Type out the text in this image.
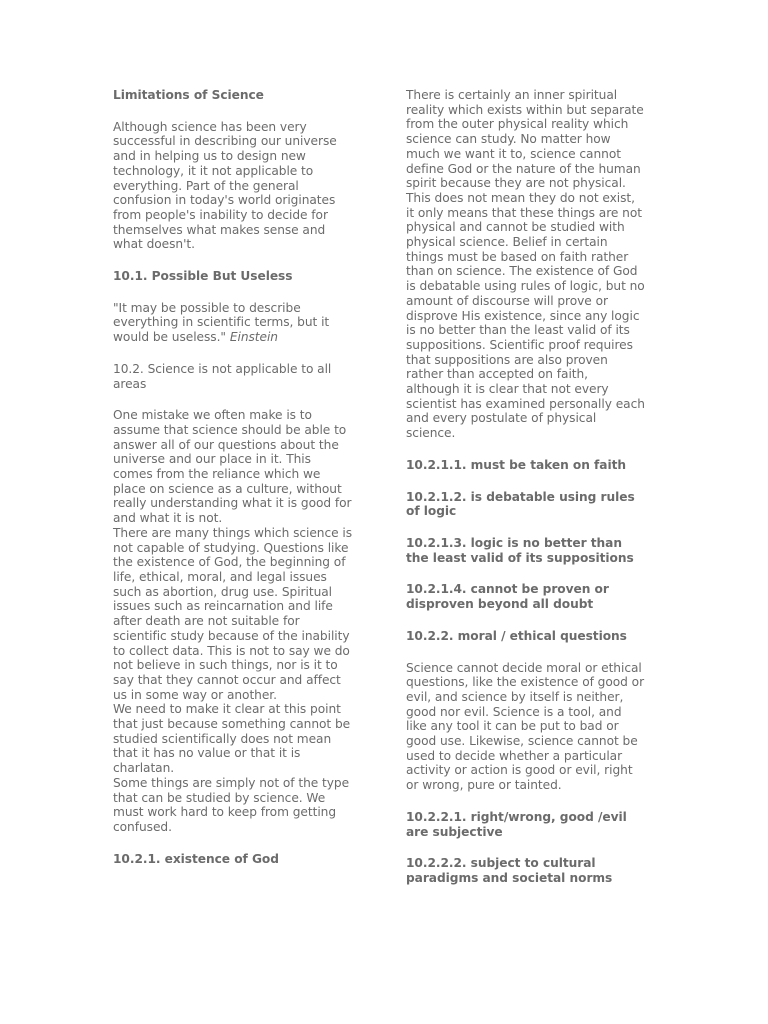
Limitations of Science

Although science has been very
successful in describing our universe
and in helping us to design new
technology, it it not applicable to
everything. Part of the general
confusion in today's world originates
from people's inability to decide for
themselves what makes sense and
what doesn't.

10.1. Possible But Useless

"It may be possible to describe
everything in scientific terms, but it
would be useless." Einstein

10.2. Science is not applicable to all
areas

One mistake we often make is to
assume that science should be able to
answer all of our questions about the
universe and our place in it. This
comes from the reliance which we
place on science as a culture, without
really understanding what it is good for
and what it is not.
There are many things which science is
not capable of studying. Questions like
the existence of God, the beginning of
life, ethical, moral, and legal issues
such as abortion, drug use. Spiritual
issues such as reincarnation and life
after death are not suitable for
scientific study because of the inability
to collect data. This is not to say we do
not believe in such things, nor is it to
say that they cannot occur and affect
us in some way or another.
We need to make it clear at this point
that just because something cannot be
studied scientifically does not mean
that it has no value or that it is
charlatan.
Some things are simply not of the type
that can be studied by science. We
must work hard to keep from getting
confused.

10.2.1. existence of God

There is certainly an inner spiritual
reality which exists within but separate
from the outer physical reality which
science can study. No matter how
much we want it to, science cannot
define God or the nature of the human
spirit because they are not physical.
This does not mean they do not exist,
it only means that these things are not
physical and cannot be studied with
physical science. Belief in certain
things must be based on faith rather
than on science. The existence of God
is debatable using rules of logic, but no
amount of discourse will prove or
disprove His existence, since any logic
is no better than the least valid of its
suppositions. Scientific proof requires
that suppositions are also proven
rather than accepted on faith,
although it is clear that not every
scientist has examined personally each
and every postulate of physical
science.

10.2.1.1. must be taken on faith
10.2.1.2. is debatable using rules
of logic
10.2.1.3. logic is no better than
the least valid of its suppositions
10.2.1.4. cannot be proven or
disproven beyond all doubt
10.2.2. moral / ethical questions

Science cannot decide moral or ethical
questions, like the existence of good or
evil, and science by itself is neither,
good nor evil. Science is a tool, and
like any tool it can be put to bad or
good use. Likewise, science cannot be
used to decide whether a particular
activity or action is good or evil, right
or wrong, pure or tainted.

10.2.2.1. right/wrong, good /evil
are subjective
10.2.2.2. subject to cultural
paradigms and societal norms
